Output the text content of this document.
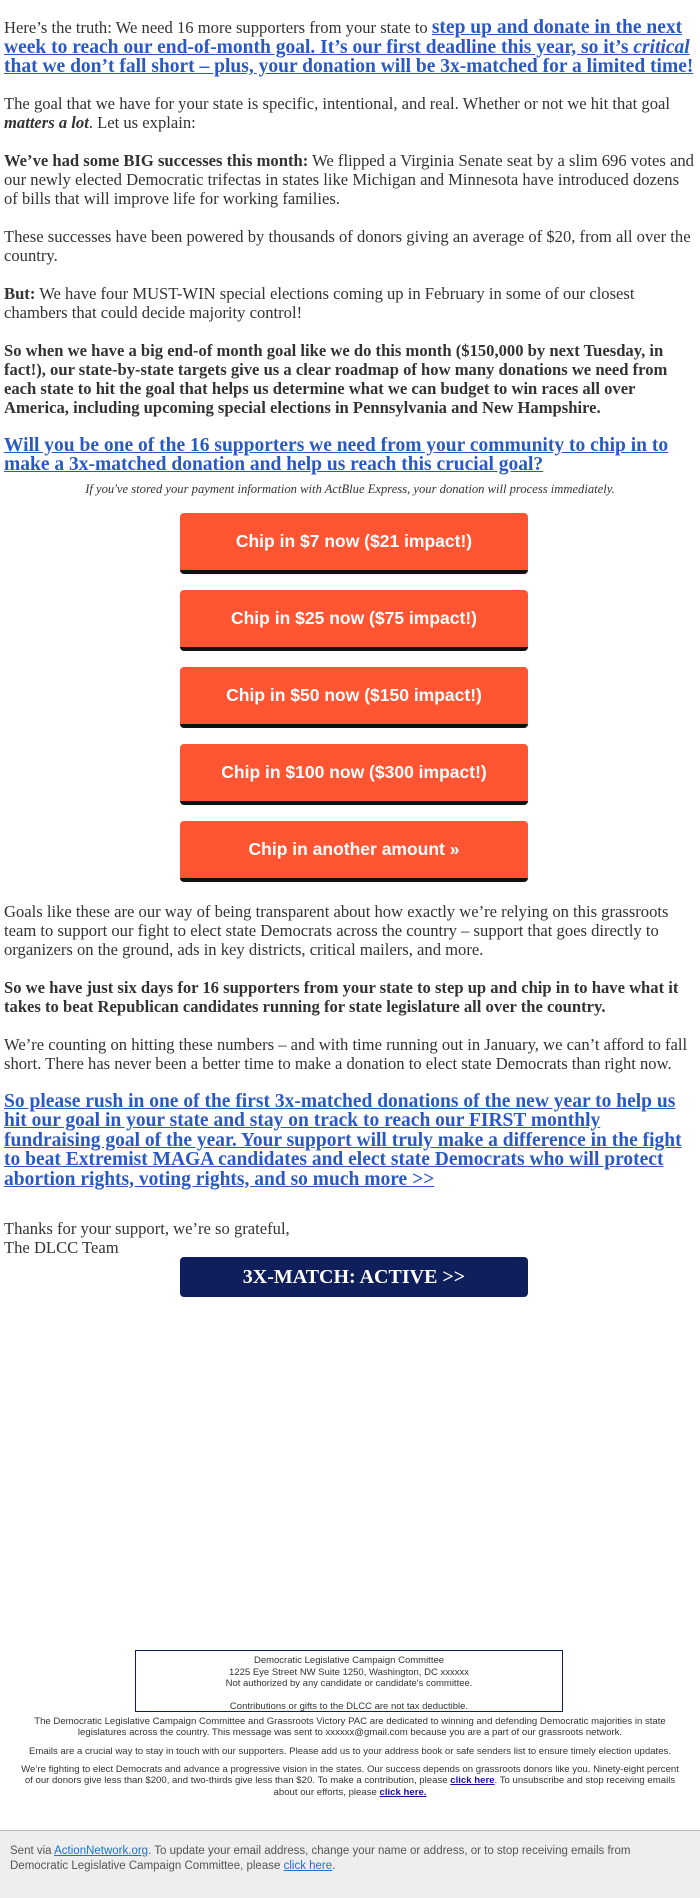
Here’s the truth: We need 16 more supporters from your state to step up and donate in the next week to reach our end-of-month goal. It’s our first deadline this year, so it’s critical that we don’t fall short – plus, your donation will be 3x-matched for a limited time!

The goal that we have for your state is specific, intentional, and real. Whether or not we hit that goal matters a lot. Let us explain:

We’ve had some BIG successes this month: We flipped a Virginia Senate seat by a slim 696 votes and our newly elected Democratic trifectas in states like Michigan and Minnesota have introduced dozens of bills that will improve life for working families.

These successes have been powered by thousands of donors giving an average of $20, from all over the country.

But: We have four MUST-WIN special elections coming up in February in some of our closest chambers that could decide majority control!

So when we have a big end-of month goal like we do this month ($150,000 by next Tuesday, in fact!), our state-by-state targets give us a clear roadmap of how many donations we need from each state to hit the goal that helps us determine what we can budget to win races all over America, including upcoming special elections in Pennsylvania and New Hampshire.

Will you be one of the 16 supporters we need from your community to chip in to make a 3x-matched donation and help us reach this crucial goal?

If you've stored your payment information with ActBlue Express, your donation will process immediately.

Chip in $7 now ($21 impact!)
Chip in $25 now ($75 impact!)
Chip in $50 now ($150 impact!)
Chip in $100 now ($300 impact!)
Chip in another amount »

Goals like these are our way of being transparent about how exactly we’re relying on this grassroots team to support our fight to elect state Democrats across the country – support that goes directly to organizers on the ground, ads in key districts, critical mailers, and more.

So we have just six days for 16 supporters from your state to step up and chip in to have what it takes to beat Republican candidates running for state legislature all over the country.

We’re counting on hitting these numbers – and with time running out in January, we can’t afford to fall short. There has never been a better time to make a donation to elect state Democrats than right now.

So please rush in one of the first 3x-matched donations of the new year to help us hit our goal in your state and stay on track to reach our FIRST monthly fundraising goal of the year. Your support will truly make a difference in the fight to beat Extremist MAGA candidates and elect state Democrats who will protect abortion rights, voting rights, and so much more >>

Thanks for your support, we’re so grateful,
The DLCC Team

3X-MATCH: ACTIVE >>

Democratic Legislative Campaign Committee

1225 Eye Street NW Suite 1250, Washington, DC xxxxxx

Not authorized by any candidate or candidate's committee.

Contributions or gifts to the DLCC are not tax deductible.

The Democratic Legislative Campaign Committee and Grassroots Victory PAC are dedicated to winning and defending Democratic majorities in state legislatures across the country. This message was sent to xxxxxx@gmail.com because you are a part of our grassroots network.

Emails are a crucial way to stay in touch with our supporters. Please add us to your address book or safe senders list to ensure timely election updates.

We’re fighting to elect Democrats and advance a progressive vision in the states. Our success depends on grassroots donors like you. Ninety-eight percent of our donors give less than $200, and two-thirds give less than $20. To make a contribution, please click here. To unsubscribe and stop receiving emails about our efforts, please click here.

Sent via ActionNetwork.org. To update your email address, change your name or address, or to stop receiving emails from Democratic Legislative Campaign Committee, please click here.
